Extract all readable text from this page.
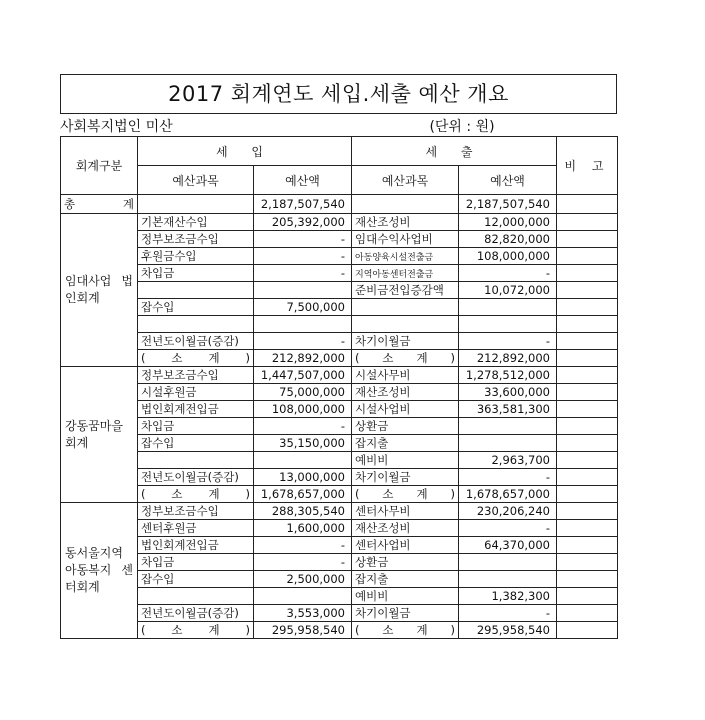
2017 회계연도 세입.세출 예산 개요
사회복지법인 미산	(단위 : 원)
회계구분	세 입		세 출		비 고
	예산과목	예산액	예산과목	예산액	
총 계		2,187,507,540		2,187,507,540	
임대사업 법인회계	기본재산수입	205,392,000	재산조성비	12,000,000	
	정부보조금수입	-	임대수익사업비	82,820,000	
	후원금수입	-	아동양육시설전출금	108,000,000	
	차입금	-	지역아동센터전출금	-	
			준비금전입증감액	10,072,000	
	잡수입	7,500,000			

	전년도이월금(증감)	-	차기이월금	-	
	( 소 계 )	212,892,000	( 소 계 )	212,892,000	
강동꿈마을 회계	정부보조금수입	1,447,507,000	시설사무비	1,278,512,000	
	시설후원금	75,000,000	재산조성비	33,600,000	
	법인회계전입금	108,000,000	시설사업비	363,581,300	
	차입금	-	상환금		
	잡수입	35,150,000	잡지출		
			예비비	2,963,700	
	전년도이월금(증감)	13,000,000	차기이월금	-	
	( 소 계 )	1,678,657,000	( 소 계 )	1,678,657,000	
동서울지역 아동복지 센터회계	정부보조금수입	288,305,540	센터사무비	230,206,240	
	센터후원금	1,600,000	재산조성비	-	
	법인회계전입금	-	센터사업비	64,370,000	
	차입금	-	상환금		
	잡수입	2,500,000	잡지출		
			예비비	1,382,300	
	전년도이월금(증감)	3,553,000	차기이월금	-	
	( 소 계 )	295,958,540	( 소 계 )	295,958,540	
